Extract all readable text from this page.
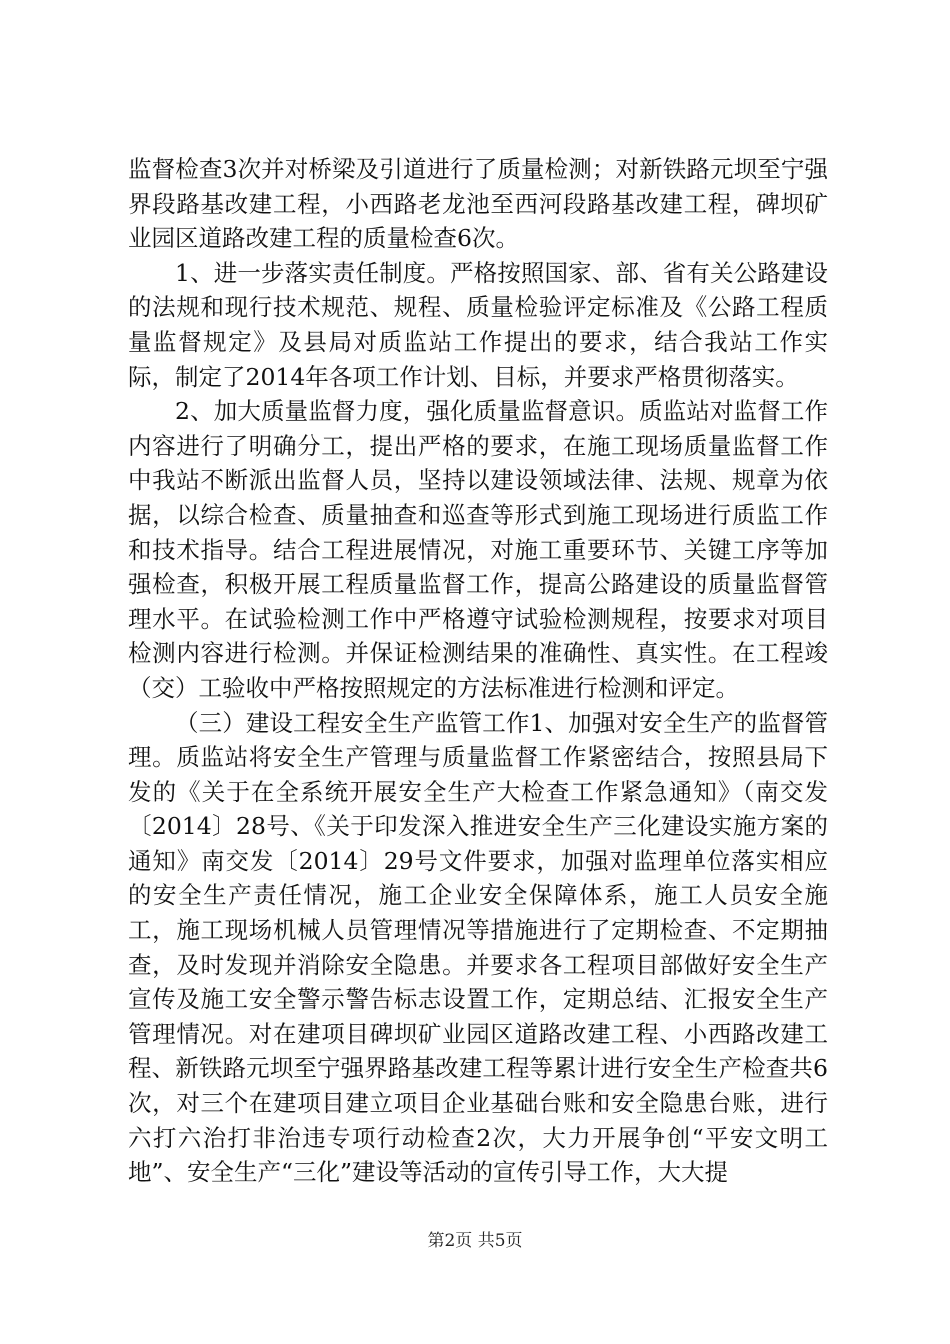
监督检查3次并对桥梁及引道进行了质量检测；对新铁路元坝至宁强界段路基改建工程，小西路老龙池至西河段路基改建工程，碑坝矿业园区道路改建工程的质量检查6次。

1、进一步落实责任制度。严格按照国家、部、省有关公路建设的法规和现行技术规范、规程、质量检验评定标准及《公路工程质量监督规定》及县局对质监站工作提出的要求，结合我站工作实际，制定了2014年各项工作计划、目标，并要求严格贯彻落实。

2、加大质量监督力度，强化质量监督意识。质监站对监督工作内容进行了明确分工，提出严格的要求，在施工现场质量监督工作中我站不断派出监督人员，坚持以建设领域法律、法规、规章为依据，以综合检查、质量抽查和巡查等形式到施工现场进行质监工作和技术指导。结合工程进展情况，对施工重要环节、关键工序等加强检查，积极开展工程质量监督工作，提高公路建设的质量监督管理水平。在试验检测工作中严格遵守试验检测规程，按要求对项目检测内容进行检测。并保证检测结果的准确性、真实性。在工程竣（交）工验收中严格按照规定的方法标准进行检测和评定。

（三）建设工程安全生产监管工作1、加强对安全生产的监督管理。质监站将安全生产管理与质量监督工作紧密结合，按照县局下发的《关于在全系统开展安全生产大检查工作紧急通知》（南交发〔2014〕28号、《关于印发深入推进安全生产三化建设实施方案的通知》南交发〔2014〕29号文件要求，加强对监理单位落实相应的安全生产责任情况，施工企业安全保障体系，施工人员安全施工，施工现场机械人员管理情况等措施进行了定期检查、不定期抽查，及时发现并消除安全隐患。并要求各工程项目部做好安全生产宣传及施工安全警示警告标志设置工作，定期总结、汇报安全生产管理情况。对在建项目碑坝矿业园区道路改建工程、小西路改建工程、新铁路元坝至宁强界路基改建工程等累计进行安全生产检查共6次，对三个在建项目建立项目企业基础台账和安全隐患台账，进行六打六治打非治违专项行动检查2次，大力开展争创“平安文明工地”、安全生产“三化”建设等活动的宣传引导工作，大大提

第2页 共5页
